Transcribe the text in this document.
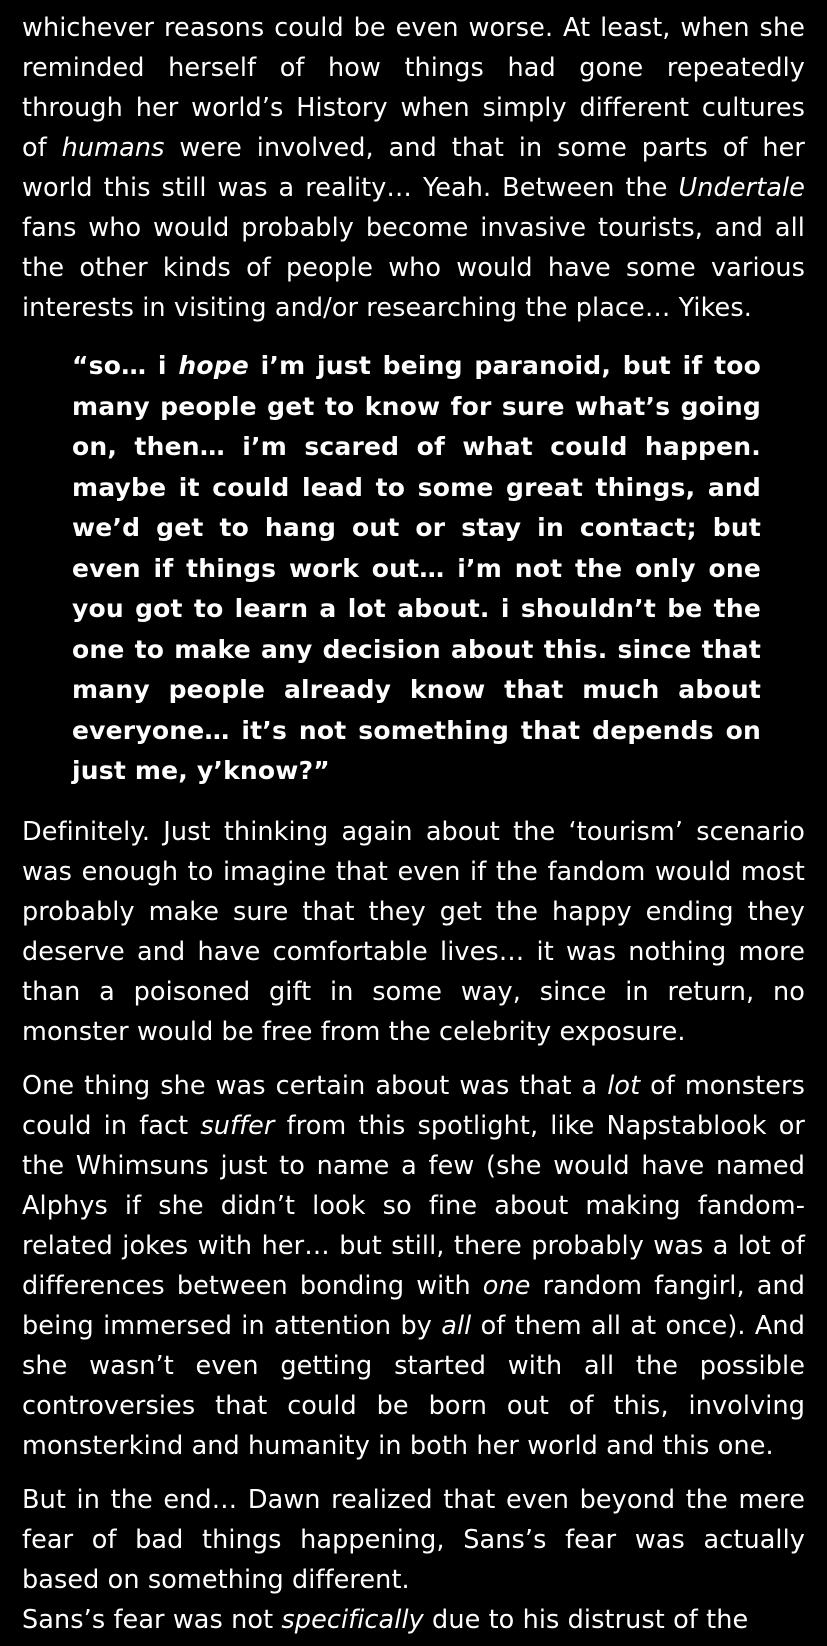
whichever reasons could be even worse. At least, when she reminded herself of how things had gone repeatedly through her world’s History when simply different cultures of humans were involved, and that in some parts of her world this still was a reality… Yeah. Between the Undertale fans who would probably become invasive tourists, and all the other kinds of people who would have some various interests in visiting and/or researching the place… Yikes.

“so… i hope i’m just being paranoid, but if too many people get to know for sure what’s going on, then… i’m scared of what could happen. maybe it could lead to some great things, and we’d get to hang out or stay in contact; but even if things work out… i’m not the only one you got to learn a lot about. i shouldn’t be the one to make any decision about this. since that many people already know that much about everyone… it’s not something that depends on just me, y’know?”

Definitely. Just thinking again about the ‘tourism’ scenario was enough to imagine that even if the fandom would most probably make sure that they get the happy ending they deserve and have comfortable lives… it was nothing more than a poisoned gift in some way, since in return, no monster would be free from the celebrity exposure.

One thing she was certain about was that a lot of monsters could in fact suffer from this spotlight, like Napstablook or the Whimsuns just to name a few (she would have named Alphys if she didn’t look so fine about making fandom-related jokes with her… but still, there probably was a lot of differences between bonding with one random fangirl, and being immersed in attention by all of them all at once). And she wasn’t even getting started with all the possible controversies that could be born out of this, involving monsterkind and humanity in both her world and this one.

But in the end… Dawn realized that even beyond the mere fear of bad things happening, Sans’s fear was actually based on something different.

Sans’s fear was not specifically due to his distrust of the
